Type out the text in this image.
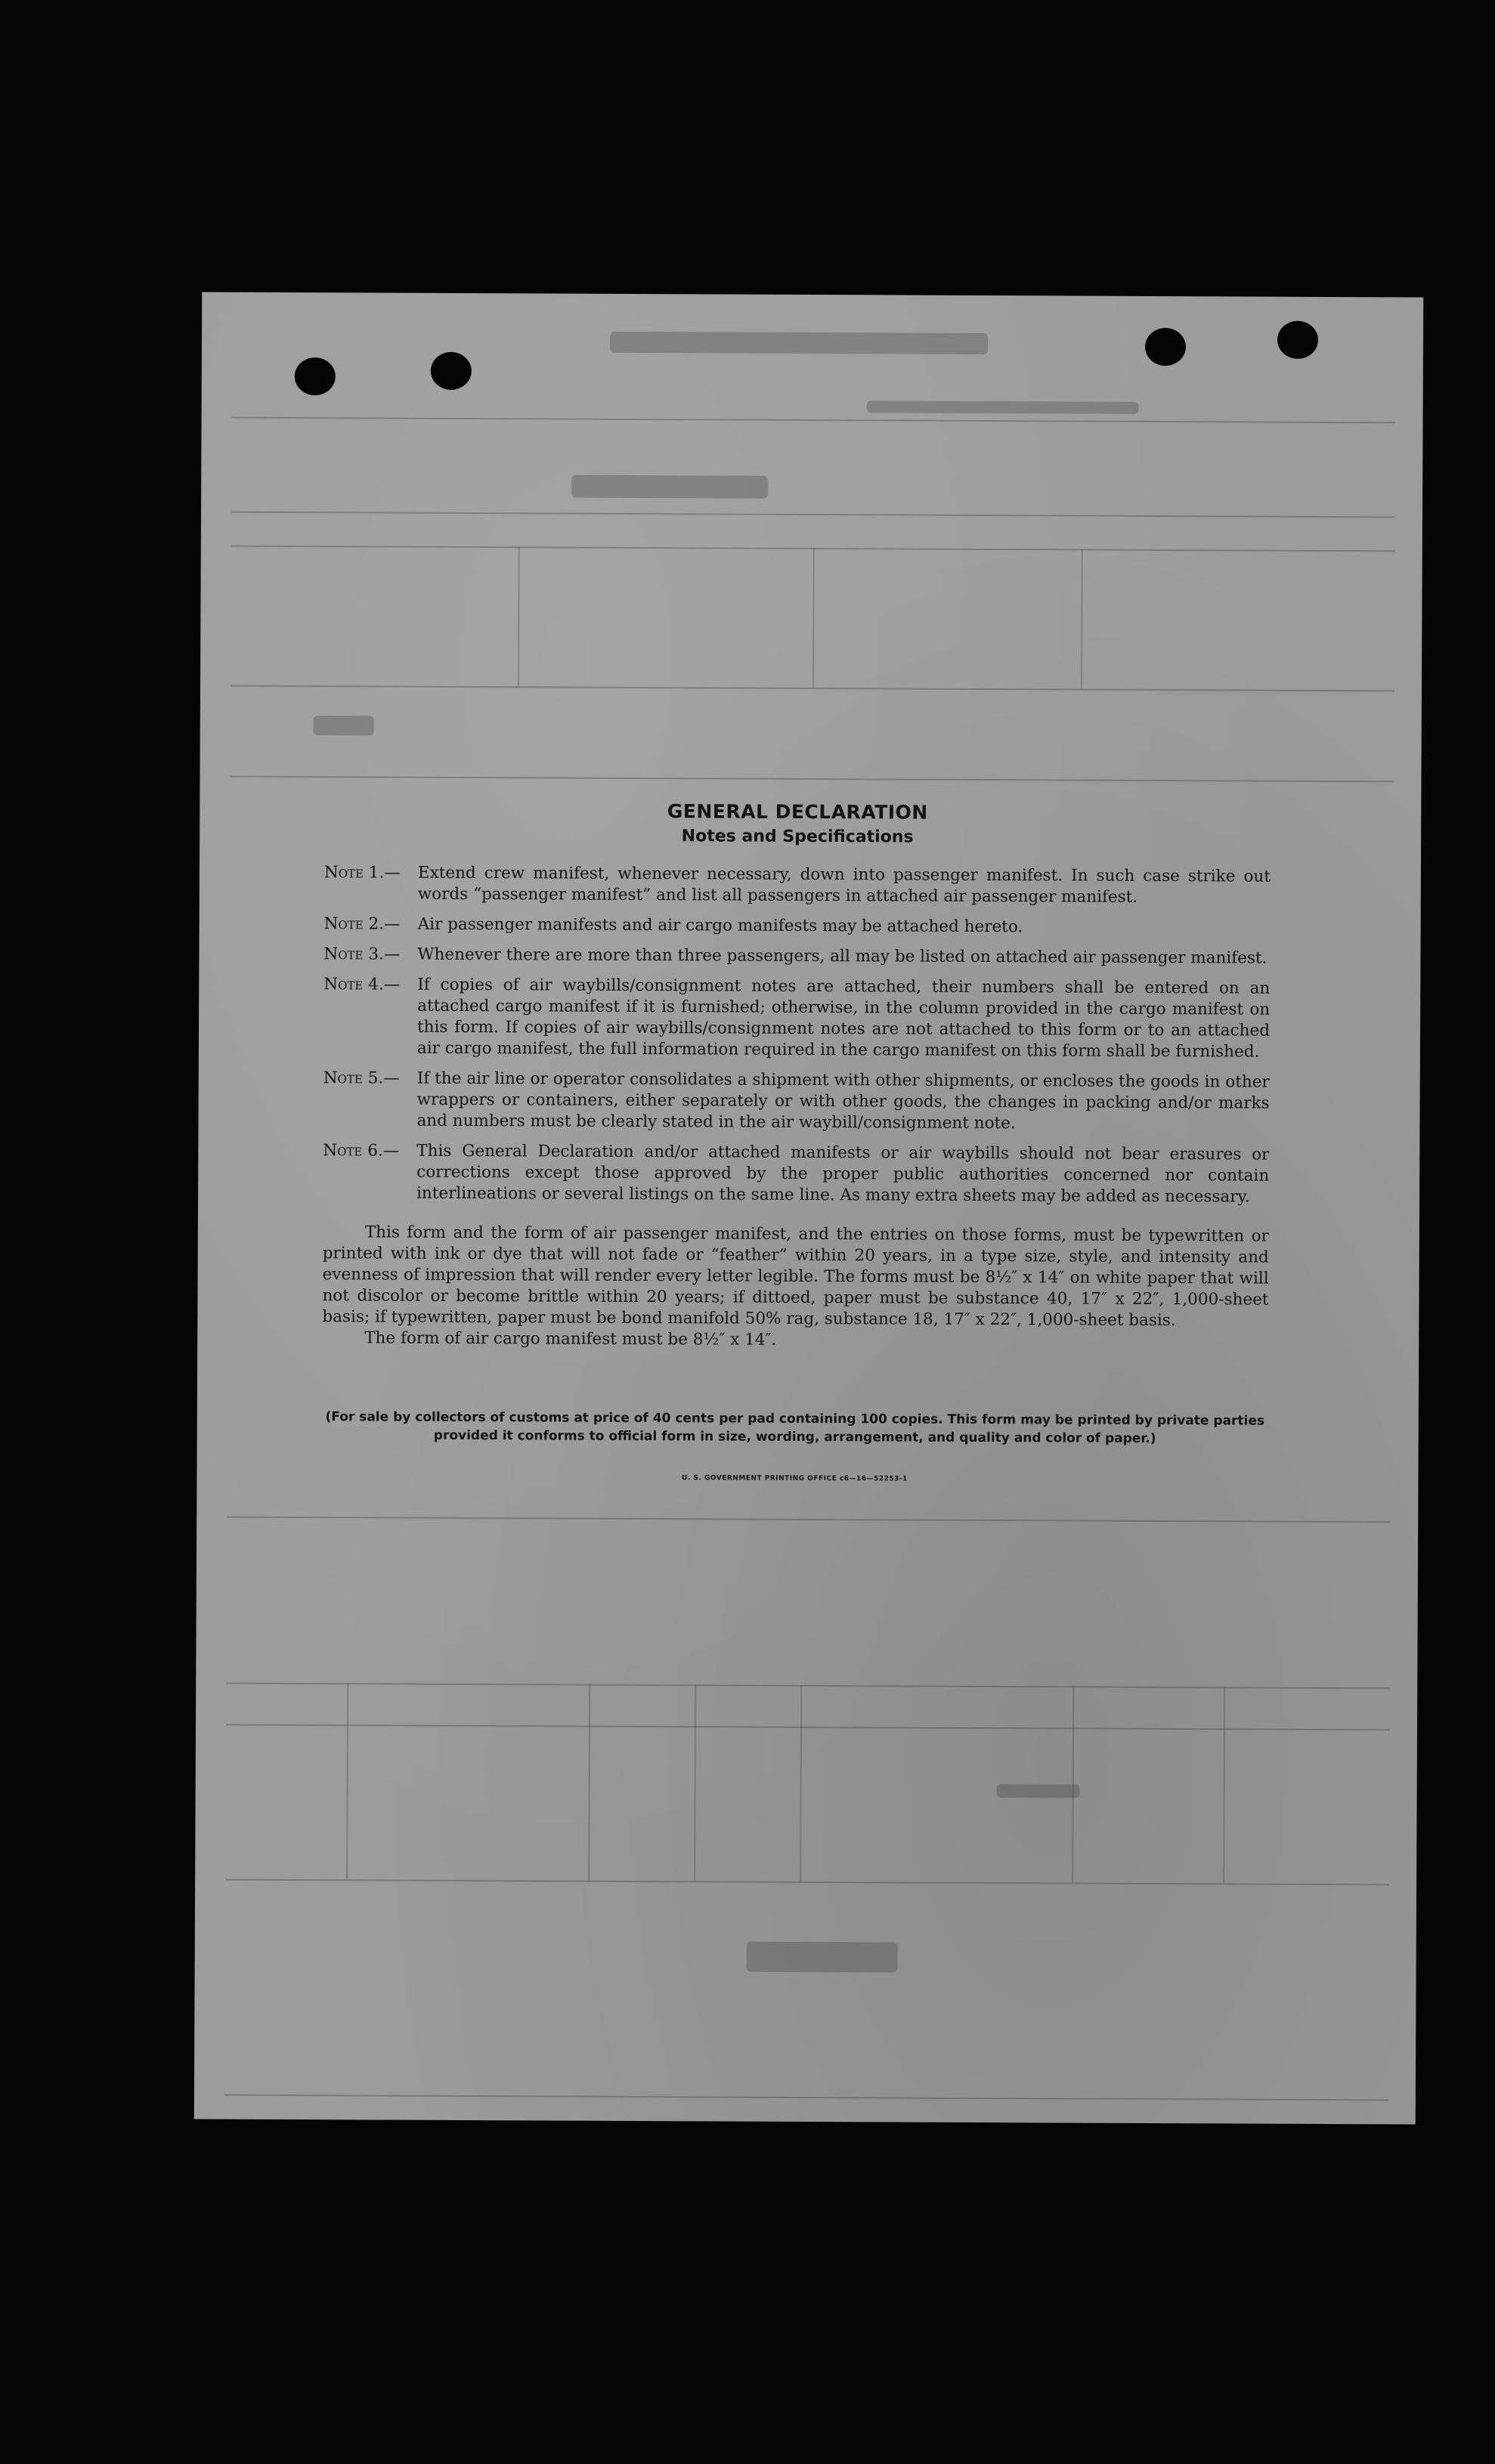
GENERAL DECLARATION
Notes and Specifications
Note 1.— Extend crew manifest, whenever necessary, down into passenger manifest. In such case strike out words “passenger manifest” and list all passengers in attached air passenger manifest.
Note 2.— Air passenger manifests and air cargo manifests may be attached hereto.
Note 3.— Whenever there are more than three passengers, all may be listed on attached air passenger manifest.
Note 4.— If copies of air waybills/consignment notes are attached, their numbers shall be entered on an attached cargo manifest if it is furnished; otherwise, in the column provided in the cargo manifest on this form. If copies of air waybills/consignment notes are not attached to this form or to an attached air cargo manifest, the full information required in the cargo manifest on this form shall be furnished.
Note 5.— If the air line or operator consolidates a shipment with other shipments, or encloses the goods in other wrappers or containers, either separately or with other goods, the changes in packing and/or marks and numbers must be clearly stated in the air waybill/consignment note.
Note 6.— This General Declaration and/or attached manifests or air waybills should not bear erasures or corrections except those approved by the proper public authorities concerned nor contain interlineations or several listings on the same line. As many extra sheets may be added as necessary.

This form and the form of air passenger manifest, and the entries on those forms, must be typewritten or printed with ink or dye that will not fade or “feather” within 20 years, in a type size, style, and intensity and evenness of impression that will render every letter legible. The forms must be 8½″ x 14″ on white paper that will not discolor or become brittle within 20 years; if dittoed, paper must be substance 40, 17″ x 22″, 1,000-sheet basis; if typewritten, paper must be bond manifold 50% rag, substance 18, 17″ x 22″, 1,000-sheet basis.

The form of air cargo manifest must be 8½″ x 14″.

(For sale by collectors of customs at price of 40 cents per pad containing 100 copies. This form may be printed by private parties provided it conforms to official form in size, wording, arrangement, and quality and color of paper.)
U. S. GOVERNMENT PRINTING OFFICE c6—16—52253-1
